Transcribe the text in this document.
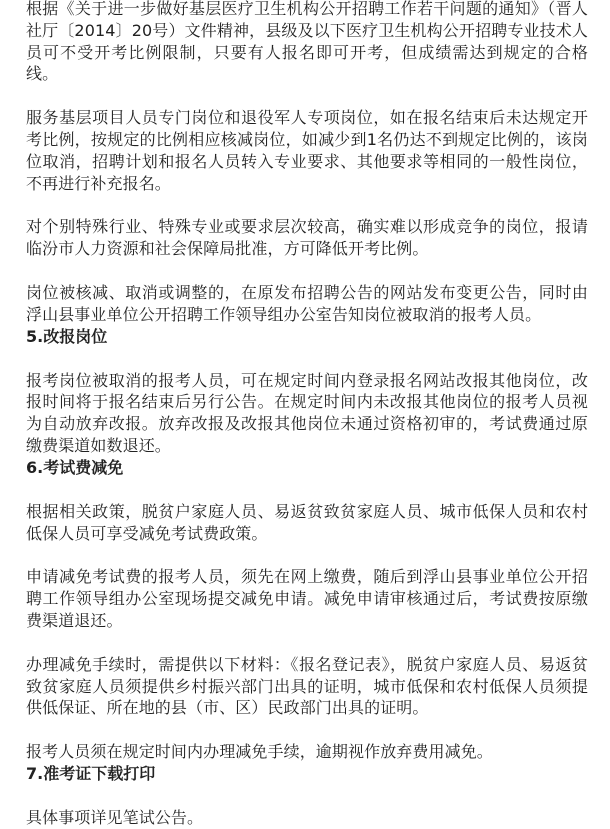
根据《关于进一步做好基层医疗卫生机构公开招聘工作若干问题的通知》（晋人社厅〔2014〕20号）文件精神，县级及以下医疗卫生机构公开招聘专业技术人员可不受开考比例限制，只要有人报名即可开考，但成绩需达到规定的合格线。

服务基层项目人员专门岗位和退役军人专项岗位，如在报名结束后未达规定开考比例，按规定的比例相应核减岗位，如减少到1名仍达不到规定比例的，该岗位取消，招聘计划和报名人员转入专业要求、其他要求等相同的一般性岗位，不再进行补充报名。

对个别特殊行业、特殊专业或要求层次较高，确实难以形成竞争的岗位，报请临汾市人力资源和社会保障局批准，方可降低开考比例。

岗位被核减、取消或调整的，在原发布招聘公告的网站发布变更公告，同时由浮山县事业单位公开招聘工作领导组办公室告知岗位被取消的报考人员。

5.改报岗位

报考岗位被取消的报考人员，可在规定时间内登录报名网站改报其他岗位，改报时间将于报名结束后另行公告。在规定时间内未改报其他岗位的报考人员视为自动放弃改报。放弃改报及改报其他岗位未通过资格初审的，考试费通过原缴费渠道如数退还。

6.考试费减免

根据相关政策，脱贫户家庭人员、易返贫致贫家庭人员、城市低保人员和农村低保人员可享受减免考试费政策。

申请减免考试费的报考人员，须先在网上缴费，随后到浮山县事业单位公开招聘工作领导组办公室现场提交减免申请。减免申请审核通过后，考试费按原缴费渠道退还。

办理减免手续时，需提供以下材料：《报名登记表》，脱贫户家庭人员、易返贫致贫家庭人员须提供乡村振兴部门出具的证明，城市低保和农村低保人员须提供低保证、所在地的县（市、区）民政部门出具的证明。

报考人员须在规定时间内办理减免手续，逾期视作放弃费用减免。

7.准考证下载打印

具体事项详见笔试公告。
